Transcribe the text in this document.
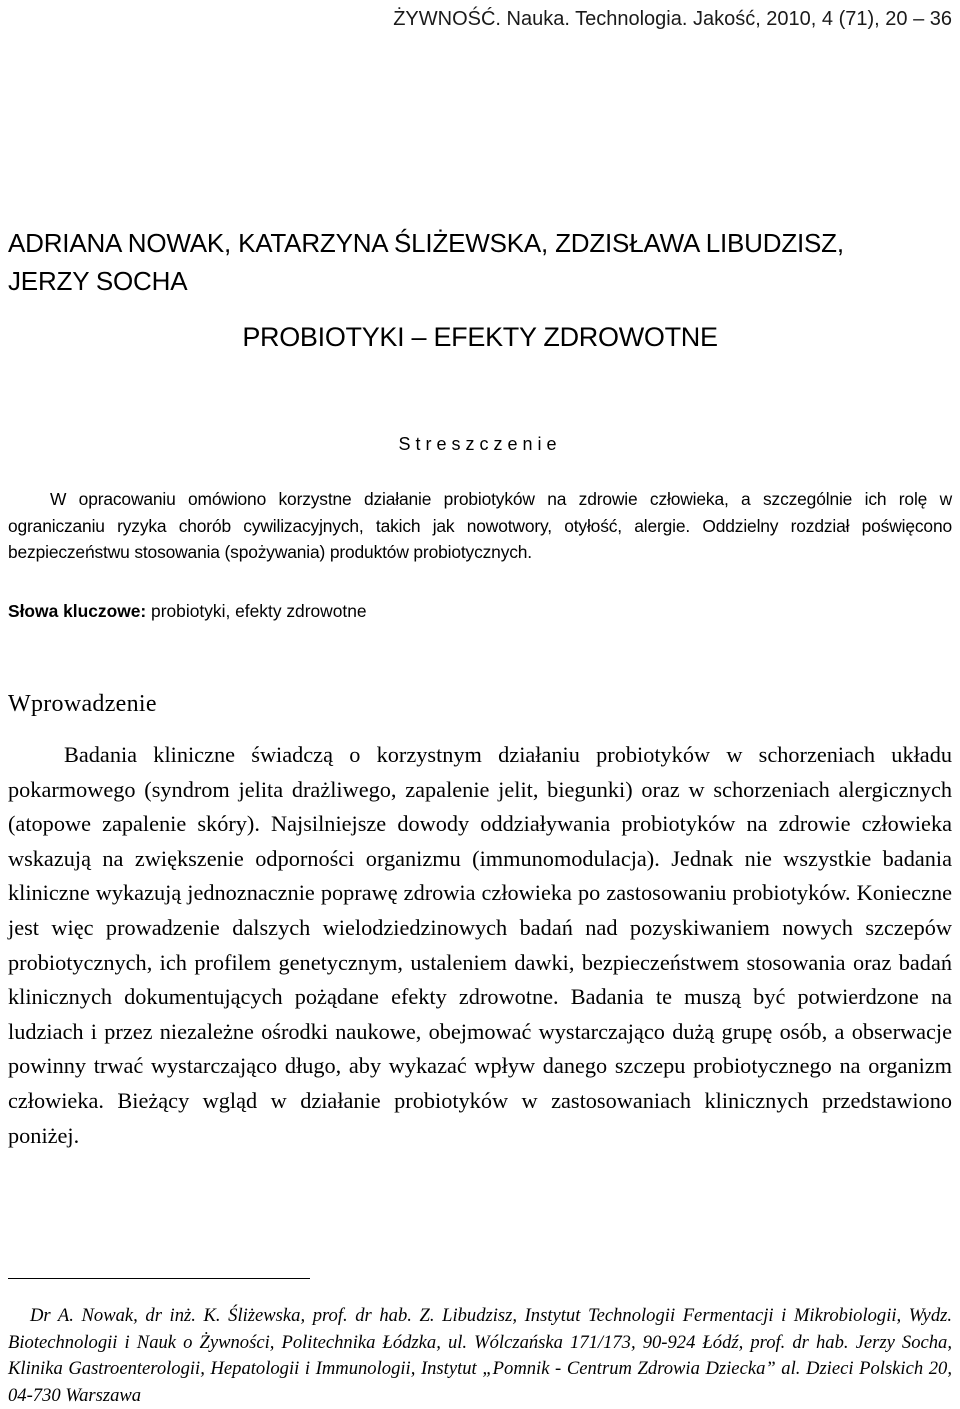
ŻYWNOŚĆ. Nauka. Technologia. Jakość, 2010, 4 (71), 20 – 36
ADRIANA NOWAK, KATARZYNA ŚLIŻEWSKA, ZDZISŁAWA LIBUDZISZ,
JERZY SOCHA
PROBIOTYKI – EFEKTY ZDROWOTNE
Streszczenie

W opracowaniu omówiono korzystne działanie probiotyków na zdrowie człowieka, a szczególnie ich rolę w ograniczaniu ryzyka chorób cywilizacyjnych, takich jak nowotwory, otyłość, alergie. Oddzielny rozdział poświęcono bezpieczeństwu stosowania (spożywania) produktów probiotycznych.

Słowa kluczowe: probiotyki, efekty zdrowotne

Wprowadzenie

Badania kliniczne świadczą o korzystnym działaniu probiotyków w schorzeniach układu pokarmowego (syndrom jelita drażliwego, zapalenie jelit, biegunki) oraz w schorzeniach alergicznych (atopowe zapalenie skóry). Najsilniejsze dowody oddziaływania probiotyków na zdrowie człowieka wskazują na zwiększenie odporności organizmu (immunomodulacja). Jednak nie wszystkie badania kliniczne wykazują jednoznacznie poprawę zdrowia człowieka po zastosowaniu probiotyków. Konieczne jest więc prowadzenie dalszych wielodziedzinowych badań nad pozyskiwaniem nowych szczepów probiotycznych, ich profilem genetycznym, ustaleniem dawki, bezpieczeństwem stosowania oraz badań klinicznych dokumentujących pożądane efekty zdrowotne. Badania te muszą być potwierdzone na ludziach i przez niezależne ośrodki naukowe, obejmować wystarczająco dużą grupę osób, a obserwacje powinny trwać wystarczająco długo, aby wykazać wpływ danego szczepu probiotycznego na organizm człowieka. Bieżący wgląd w działanie probiotyków w zastosowaniach klinicznych przedstawiono poniżej.

Dr A. Nowak, dr inż. K. Śliżewska, prof. dr hab. Z. Libudzisz, Instytut Technologii Fermentacji i Mikrobiologii, Wydz. Biotechnologii i Nauk o Żywności, Politechnika Łódzka, ul. Wólczańska 171/173, 90-924 Łódź, prof. dr hab. Jerzy Socha, Klinika Gastroenterologii, Hepatologii i Immunologii, Instytut „Pomnik - Centrum Zdrowia Dziecka” al. Dzieci Polskich 20, 04-730 Warszawa
